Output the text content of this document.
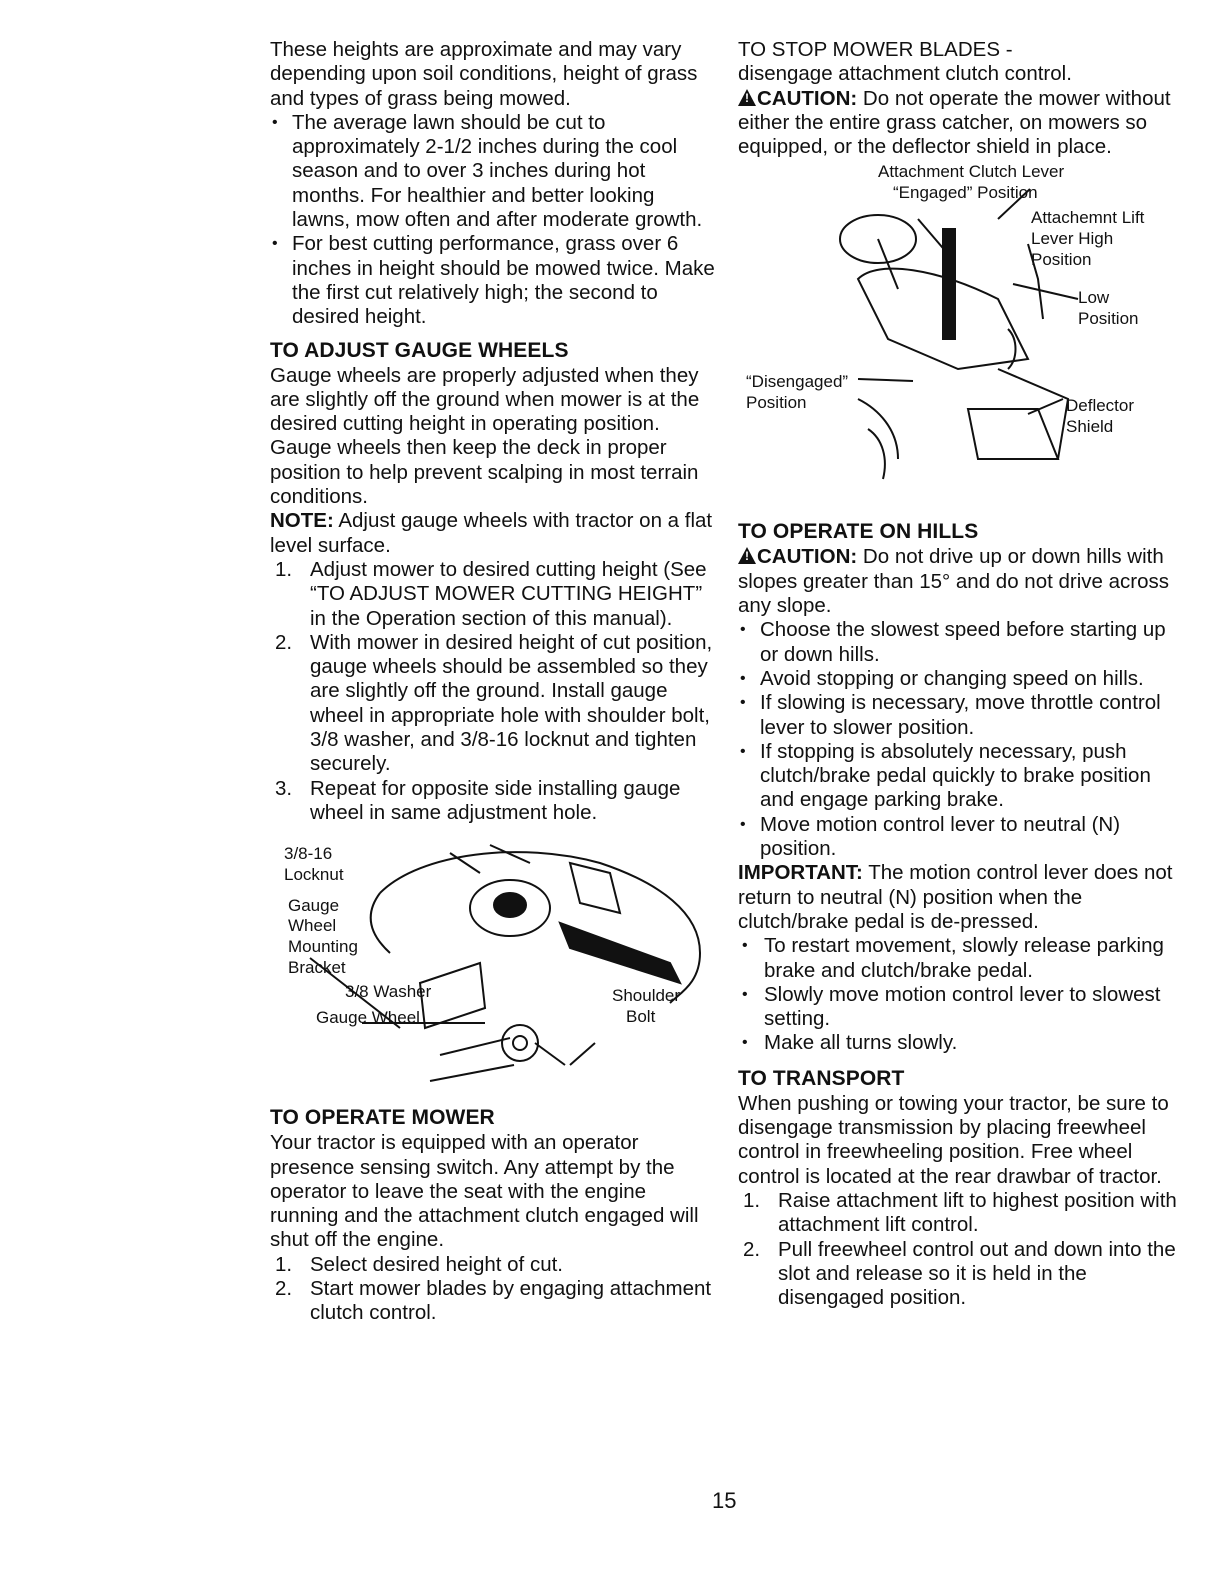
These heights are approximate and may vary depending upon soil conditions, height of grass and types of grass being mowed.

• The average lawn should be cut to approximately 2-1/2 inches during the cool season and to over 3 inches during hot months. For healthier and better looking lawns, mow often and after moderate growth.

• For best cutting performance, grass over 6 inches in height should be mowed twice. Make the first cut relatively high; the second to desired height.

TO ADJUST GAUGE WHEELS

Gauge wheels are properly adjusted when they are slightly off the ground when mower is at the desired cutting height in operating position. Gauge wheels then keep the deck in proper position to help prevent scalping in most terrain conditions.

NOTE: Adjust gauge wheels with tractor on a flat level surface.

1. Adjust mower to desired cutting height (See “TO ADJUST MOWER CUTTING HEIGHT” in the Operation section of this manual).

2. With mower in desired height of cut position, gauge wheels should be assembled so they are slightly off the ground. Install gauge wheel in appropriate hole with shoulder bolt, 3/8 washer, and 3/8-16 locknut and tighten securely.

3. Repeat for opposite side installing gauge wheel in same adjustment hole.

3/8-16
Locknut
Gauge
Wheel
Mounting
Bracket
3/8 Washer
Gauge Wheel
Shoulder
Bolt
TO OPERATE MOWER

Your tractor is equipped with an operator presence sensing switch. Any attempt by the operator to leave the seat with the engine running and the attachment clutch engaged will shut off the engine.

1. Select desired height of cut.

2. Start mower blades by engaging attachment clutch control.

TO STOP MOWER BLADES -

disengage attachment clutch control.

! CAUTION: Do not operate the mower without either the entire grass catcher, on mowers so equipped, or the deflector shield in place.

Attachment Clutch Lever
“Engaged” Position
Attachemnt Lift
Lever High
Position
Low
Position
“Disengaged”
Position	Deflector
Shield
TO OPERATE ON HILLS

! CAUTION: Do not drive up or down hills with slopes greater than 15° and do not drive across any slope.

• Choose the slowest speed before starting up or down hills.

• Avoid stopping or changing speed on hills.

• If slowing is necessary, move throttle control lever to slower position.

• If stopping is absolutely necessary, push clutch/brake pedal quickly to brake position and engage parking brake.

• Move motion control lever to neutral (N) position.

IMPORTANT: The motion control lever does not return to neutral (N) position when the clutch/brake pedal is de-pressed.

• To restart movement, slowly release parking brake and clutch/brake pedal.

• Slowly move motion control lever to slowest setting.

• Make all turns slowly.

TO TRANSPORT

When pushing or towing your tractor, be sure to disengage transmission by placing freewheel control in freewheeling position. Free wheel control is located at the rear drawbar of tractor.

1. Raise attachment lift to highest position with attachment lift control.

2. Pull freewheel control out and down into the slot and release so it is held in the disengaged position.

15
